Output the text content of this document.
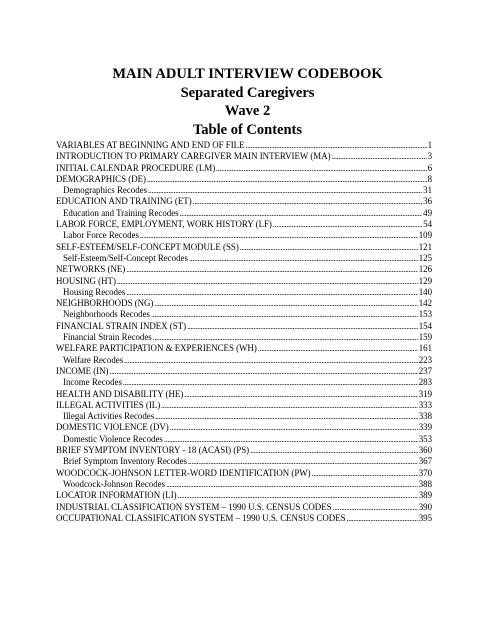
MAIN ADULT INTERVIEW CODEBOOK
Separated Caregivers
Wave 2
Table of Contents
VARIABLES AT BEGINNING AND END OF FILE .....	1
INTRODUCTION TO PRIMARY CAREGIVER MAIN INTERVIEW (MA) .....	3
INITIAL CALENDAR PROCEDURE (LM) .....	6
DEMOGRAPHICS (DE) .....	8
Demographics Recodes .....	31
EDUCATION AND TRAINING (ET) .....	36
Education and Training Recodes .....	49
LABOR FORCE, EMPLOYMENT, WORK HISTORY (LF) .....	54
Labor Force Recodes .....	109
SELF-ESTEEM/SELF-CONCEPT MODULE (SS) .....	121
Self-Esteem/Self-Concept Recodes .....	125
NETWORKS (NE) .....	126
HOUSING (HT) .....	129
Housing Recodes .....	140
NEIGHBORHOODS (NG) .....	142
Neighborhoods Recodes .....	153
FINANCIAL STRAIN INDEX (ST) .....	154
Financial Strain Recodes .....	159
WELFARE PARTICIPATION & EXPERIENCES (WH) .....	161
Welfare Recodes .....	223
INCOME (IN) .....	237
Income Recodes .....	283
HEALTH AND DISABILITY (HE) .....	319
ILLEGAL ACTIVITIES (IL) .....	333
Illegal Activities Recodes .....	338
DOMESTIC VIOLENCE (DV) .....	339
Domestic Violence Recodes .....	353
BRIEF SYMPTOM INVENTORY - 18 (ACASI) (PS) .....	360
Brief Symptom Inventory Recodes .....	367
WOODCOCK-JOHNSON LETTER-WORD IDENTIFICATION (PW) .....	370
Woodcock-Johnson Recodes .....	388
LOCATOR INFORMATION (LI) .....	389
INDUSTRIAL CLASSIFICATION SYSTEM – 1990 U.S. CENSUS CODES .....	390
OCCUPATIONAL CLASSIFICATION SYSTEM – 1990 U.S. CENSUS CODES .....	395
